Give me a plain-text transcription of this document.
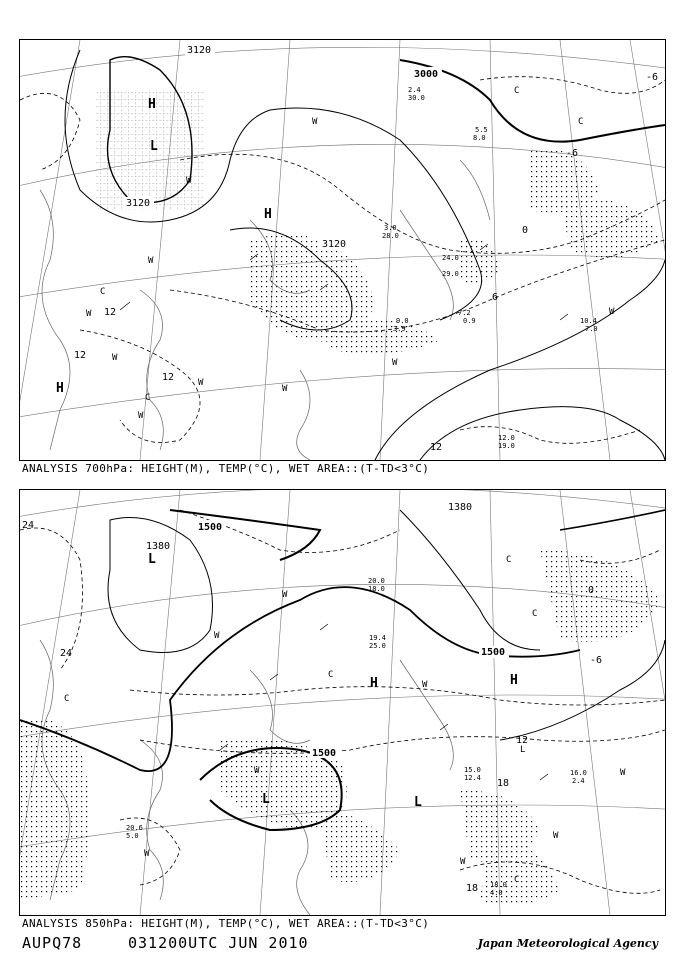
2.4
30.0
10.4
7.0
7.2
0.9
9.0
3.9
12.0
19.0
24.0
29.0
5.5
8.0
3.0
28.0
3120
3000
3120
3120
0
-6
6
12
12
12
12
-6
H
L
H
H
W
W
W
W
W	W
W
W
C
C
C
C
W
W
ANALYSIS 700hPa: HEIGHT(M), TEMP(°C), WET AREA::(T-TD<3°C)
20.0
18.0
19.4
25.0
15.0
12.4
16.0
2.4
20.6
5.0
18.0
4.0
1500
1380
1380
1500
1500
24
24
-6
12
18
18
0
L
H	H
L	L
W
W
W
W
W
W
W
W
C
C
C
C
C
L
ANALYSIS 850hPa: HEIGHT(M), TEMP(°C), WET AREA::(T-TD<3°C)
AUPQ78	031200UTC JUN 2010	Japan Meteorological Agency
